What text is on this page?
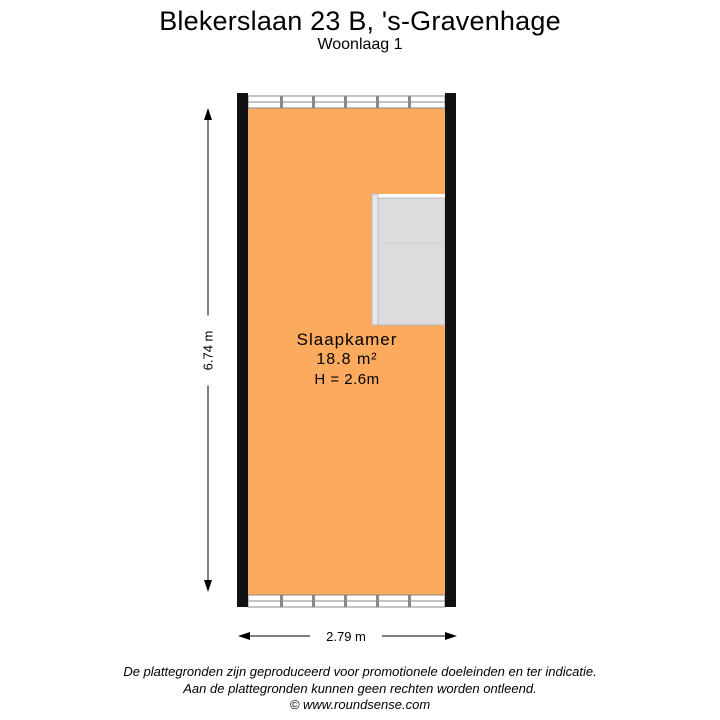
Blekerslaan 23 B, 's-Gravenhage
Woonlaag 1
Slaapkamer
18.8 m²
H = 2.6m
2.79 m
6.74 m
De plattegronden zijn geproduceerd voor promotionele doeleinden en ter indicatie.
Aan de plattegronden kunnen geen rechten worden ontleend.
© www.roundsense.com
